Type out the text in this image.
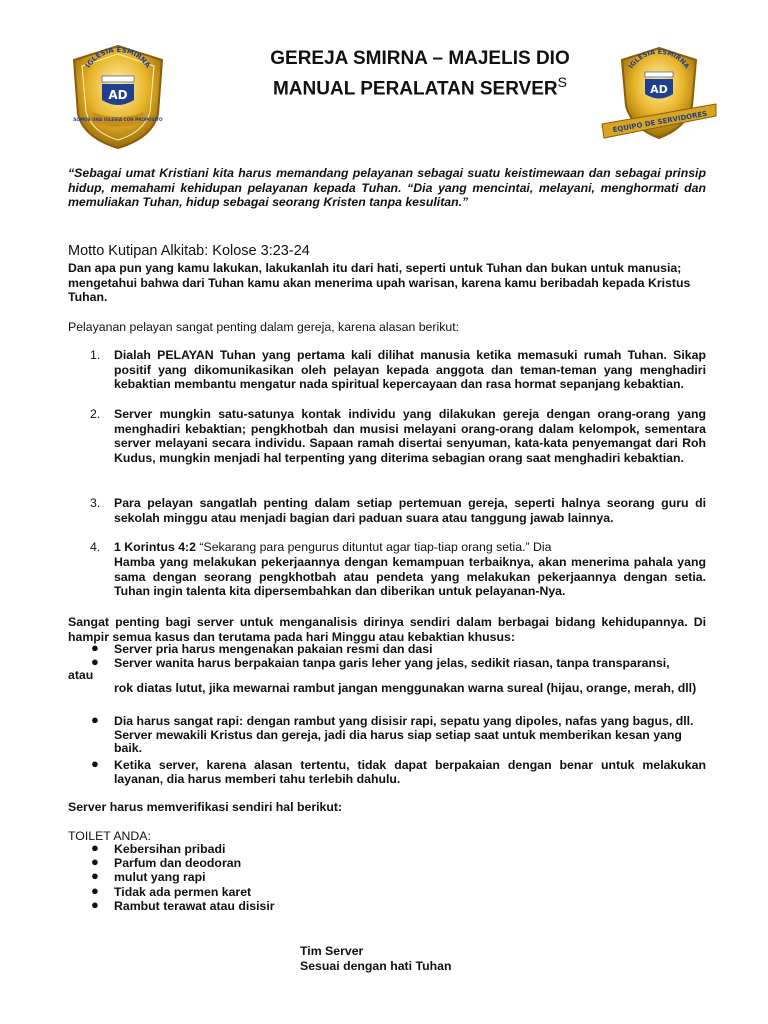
IGLESIA ESMIRNA
AD
SOMOS UNA IGLESIA CON PROPOSITO
IGLESIA ESMIRNA
AD
EQUIPO DE SERVIDORES
GEREJA SMIRNA – MAJELIS DIO
MANUAL PERALATAN $SERVER^S$
“Sebagai umat Kristiani kita harus memandang pelayanan sebagai suatu keistimewaan dan sebagai prinsip hidup, memahami kehidupan pelayanan kepada Tuhan. “Dia yang mencintai, melayani, menghormati dan memuliakan Tuhan, hidup sebagai seorang Kristen tanpa kesulitan.”
Motto Kutipan Alkitab: Kolose 3:23-24
Dan apa pun yang kamu lakukan, lakukanlah itu dari hati, seperti untuk Tuhan dan bukan untuk manusia; mengetahui bahwa dari Tuhan kamu akan menerima upah warisan, karena kamu beribadah kepada Kristus Tuhan.
Pelayanan pelayan sangat penting dalam gereja, karena alasan berikut:
1. Dialah PELAYAN Tuhan yang pertama kali dilihat manusia ketika memasuki rumah Tuhan. Sikap positif yang dikomunikasikan oleh pelayan kepada anggota dan teman-teman yang menghadiri kebaktian membantu mengatur nada spiritual kepercayaan dan rasa hormat sepanjang kebaktian.
2. Server mungkin satu-satunya kontak individu yang dilakukan gereja dengan orang-orang yang menghadiri kebaktian; pengkhotbah dan musisi melayani orang-orang dalam kelompok, sementara server melayani secara individu. Sapaan ramah disertai senyuman, kata-kata penyemangat dari Roh Kudus, mungkin menjadi hal terpenting yang diterima sebagian orang saat menghadiri kebaktian.
3. Para pelayan sangatlah penting dalam setiap pertemuan gereja, seperti halnya seorang guru di sekolah minggu atau menjadi bagian dari paduan suara atau tanggung jawab lainnya.
4. 1 Korintus 4:2 “Sekarang para pengurus dituntut agar tiap-tiap orang setia.” Dia
Hamba yang melakukan pekerjaannya dengan kemampuan terbaiknya, akan menerima pahala yang sama dengan seorang pengkhotbah atau pendeta yang melakukan pekerjaannya dengan setia. Tuhan ingin talenta kita dipersembahkan dan diberikan untuk pelayanan-Nya.
Sangat penting bagi server untuk menganalisis dirinya sendiri dalam berbagai bidang kehidupannya. Di hampir semua kasus dan terutama pada hari Minggu atau kebaktian khusus:
● Server pria harus mengenakan pakaian resmi dan dasi
atau
● Server wanita harus berpakaian tanpa garis leher yang jelas, sedikit riasan, tanpa transparansi,
rok diatas lutut, jika mewarnai rambut jangan menggunakan warna sureal (hijau, orange, merah, dll)
● Dia harus sangat rapi: dengan rambut yang disisir rapi, sepatu yang dipoles, nafas yang bagus, dll. Server mewakili Kristus dan gereja, jadi dia harus siap setiap saat untuk memberikan kesan yang baik.
● Ketika server, karena alasan tertentu, tidak dapat berpakaian dengan benar untuk melakukan layanan, dia harus memberi tahu terlebih dahulu.
Server harus memverifikasi sendiri hal berikut:
TOILET ANDA:
● Kebersihan pribadi
● Parfum dan deodoran
● mulut yang rapi
● Tidak ada permen karet
● Rambut terawat atau disisir
Tim Server
Sesuai dengan hati Tuhan
